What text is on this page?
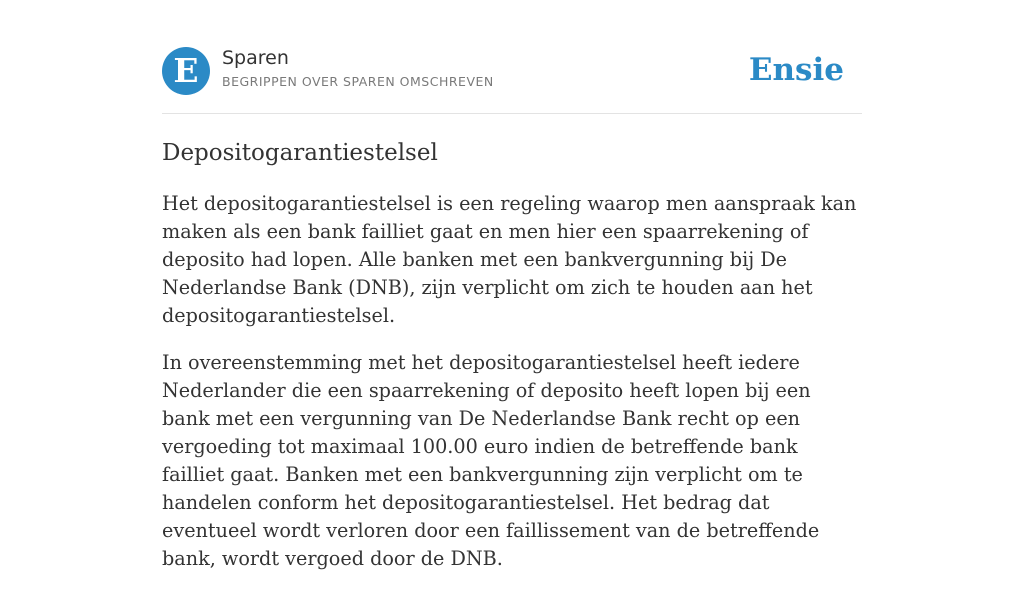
E	Sparen
BEGRIPPEN OVER SPAREN OMSCHREVEN	Ensie
Depositogarantiestelsel

Het depositogarantiestelsel is een regeling waarop men aanspraak kan maken als een bank failliet gaat en men hier een spaarrekening of deposito had lopen. Alle banken met een bankvergunning bij De Nederlandse Bank (DNB), zijn verplicht om zich te houden aan het depositogarantiestelsel.

In overeenstemming met het depositogarantiestelsel heeft iedere Nederlander die een spaarrekening of deposito heeft lopen bij een bank met een vergunning van De Nederlandse Bank recht op een vergoeding tot maximaal 100.00 euro indien de betreffende bank failliet gaat. Banken met een bankvergunning zijn verplicht om te handelen conform het depositogarantiestelsel. Het bedrag dat eventueel wordt verloren door een faillissement van de betreffende bank, wordt vergoed door de DNB.
